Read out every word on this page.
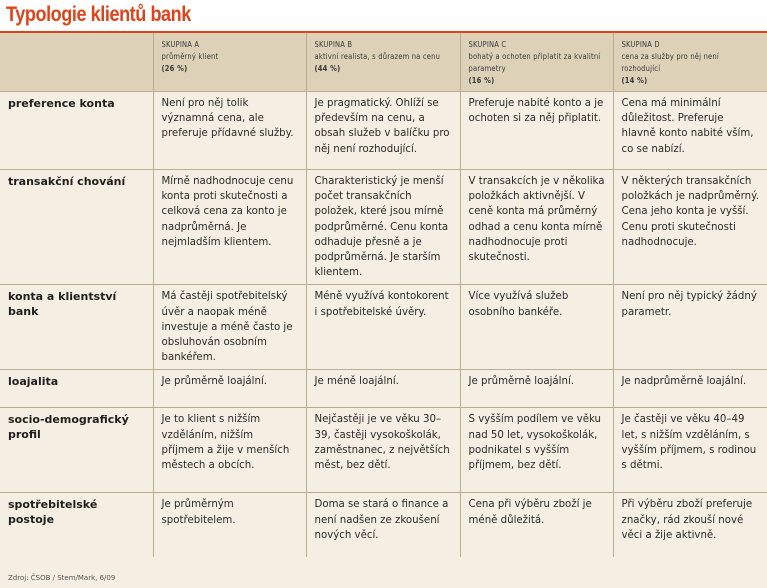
Typologie klientů bank

	SKUPINA A
průměrný klient
(26 %)	SKUPINA B
aktivní realista, s důrazem na cenu
(44 %)	SKUPINA C
bohatý a ochoten připlatit za kvalitní parametry
(16 %)	SKUPINA D
cena za služby pro něj není rozhodující
(14 %)

preference konta	Není pro něj tolik významná cena, ale preferuje přídavné služby.	Je pragmatický. Ohlíží se především na cenu, a obsah služeb v balíčku pro něj není rozhodující.	Preferuje nabité konto a je ochoten si za něj připlatit.	Cena má minimální důležitost. Preferuje hlavně konto nabité vším, co se nabízí.
transakční chování	Mírně nadhodnocuje cenu konta proti skutečnosti a celková cena za konto je nadprůměrná. Je nejmladším klientem.	Charakteristický je menší počet transakčních položek, které jsou mírně podprůměrné. Cenu konta odhaduje přesně a je podprůměrná. Je starším klientem.	V transakcích je v několika položkách aktivnější. V ceně konta má průměrný odhad a cenu konta mírně nadhodnocuje proti skutečnosti.	V některých transakčních položkách je nadprůměrný. Cena jeho konta je vyšší. Cenu proti skutečnosti nadhodnocuje.
konta a klientství bank	Má častěji spotřebitelský úvěr a naopak méně investuje a méně často je obsluhován osobním bankéřem.	Méně využívá kontokorent i spotřebitelské úvěry.	Více využívá služeb osobního bankéře.	Není pro něj typický žádný parametr.
loajalita	Je průměrně loajální.	Je méně loajální.	Je průměrně loajální.	Je nadprůměrně loajální.
socio-demografický profil	Je to klient s nižším vzděláním, nižším příjmem a žije v menších městech a obcích.	Nejčastěji je ve věku 30–39, častěji vysokoškolák, zaměstnanec, z největších měst, bez dětí.	S vyšším podílem ve věku nad 50 let, vysokoškolák, podnikatel s vyšším příjmem, bez dětí.	Je častěji ve věku 40–49 let, s nižším vzděláním, s vyšším příjmem, s rodinou s dětmi.
spotřebitelské postoje	Je průměrným spotřebitelem.	Doma se stará o finance a není nadšen ze zkoušení nových věcí.	Cena při výběru zboží je méně důležitá.	Při výběru zboží preferuje značky, rád zkouší nové věci a žije aktivně.
Zdroj: ČSOB / Stem/Mark, 6/09
